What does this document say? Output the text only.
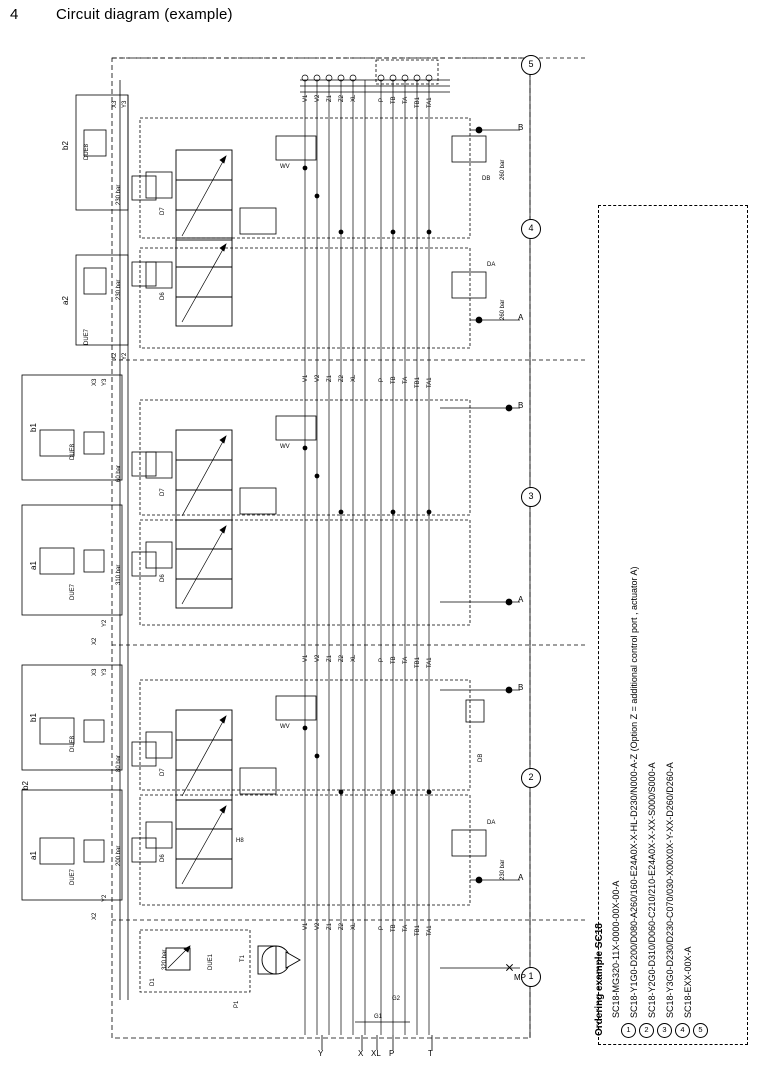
4 Circuit diagram (example)
5
4
3
2
1
B
A
B
A
B
A
MP
Y	X XL P	T
G1
G2
V1 V2 Z1 Z2 XL	P TB TA TB1 TA1
V1 V2 Z1 Z2 XL	P TB TA TB1 TA1
V1 V2 Z1 Z2 XL	P TB TA TB1 TA1
V1 V2 Z1 Z2 XL	P TB TA TB1 TA1
X3 Y3
X2 Y2
b2
a2
DUE8
DUE7
230 bar
230 bar
D7
D6
WV
DB
DA
260 bar
260 bar
b1
a1
DUE8
DUE7
60 bar
310 bar
D7
D6
WV
X3 Y3
X2
Y2
b1
b2
a1
DUE8
DUE7
80 bar
200 bar
D7
D6
WV
H8
DB
DA
230 bar
X3 Y3
X2
Y2
D1
320 bar	DUE1	T1
P1	Ordering example SC18	1
SC18-MG320-11X-0000-00X-00-A
2
SC18-Y1G0-D200/D080-A260/160-E24A0X-X-HL-D230/N000-A-Z (Option Z = additional control port , actuator A)
3
SC18-Y2G0-D310/D060-C210/210-E24A0X-X-XX-S000/S000-A
4
SC18-Y3G0-D230/D230-C070/030-X00X0X-Y-XX-D260/D260-A
5
SC18-EXX-00X-A
